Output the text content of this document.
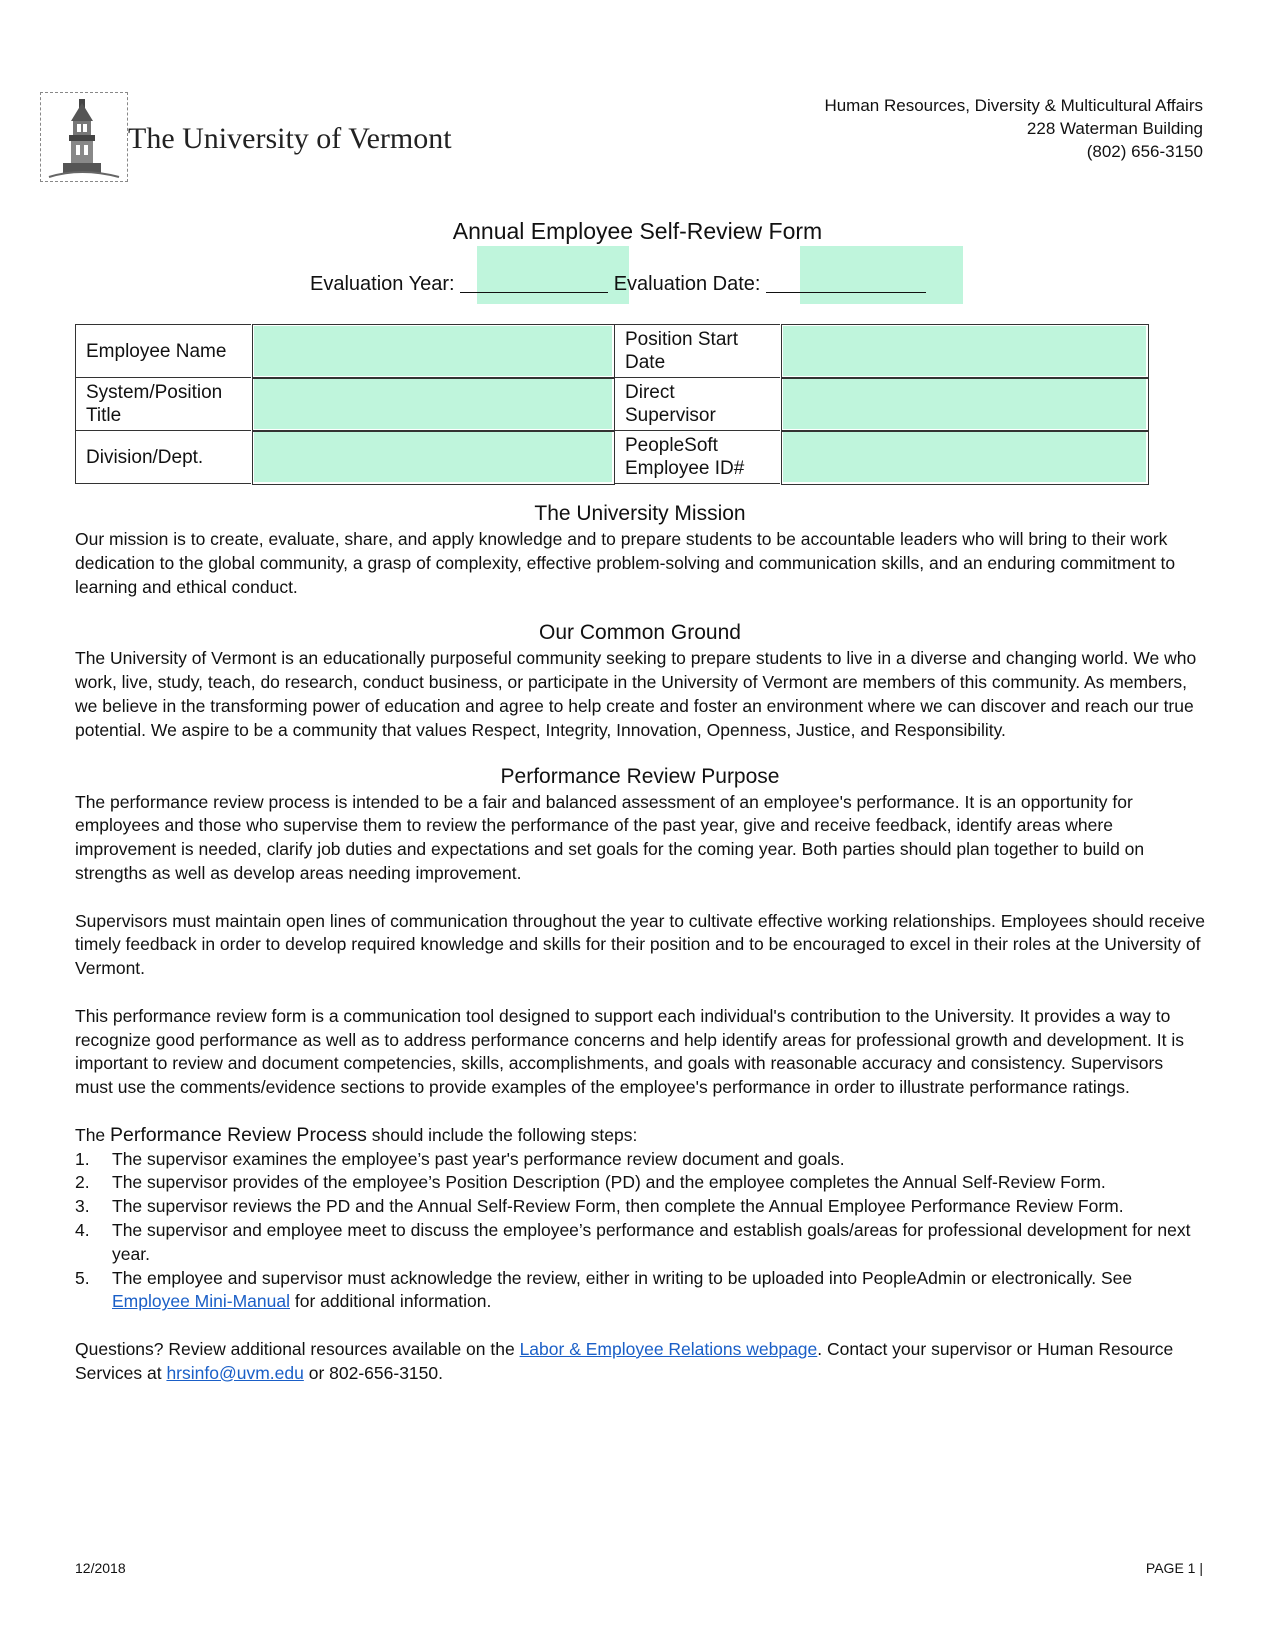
The University of Vermont
Human Resources, Diversity & Multicultural Affairs
228 Waterman Building
(802) 656-3150
Annual Employee Self-Review Form
Evaluation Year:	Evaluation Date:
Employee Name		Position Start Date	
System/Position Title		Direct Supervisor	
Division/Dept.		PeopleSoft Employee ID#	
The University Mission

Our mission is to create, evaluate, share, and apply knowledge and to prepare students to be accountable leaders who will bring to their work dedication to the global community, a grasp of complexity, effective problem-solving and communication skills, and an enduring commitment to learning and ethical conduct.

Our Common Ground

The University of Vermont is an educationally purposeful community seeking to prepare students to live in a diverse and changing world. We who work, live, study, teach, do research, conduct business, or participate in the University of Vermont are members of this community. As members, we believe in the transforming power of education and agree to help create and foster an environment where we can discover and reach our true potential. We aspire to be a community that values Respect, Integrity, Innovation, Openness, Justice, and Responsibility.

Performance Review Purpose

The performance review process is intended to be a fair and balanced assessment of an employee's performance. It is an opportunity for employees and those who supervise them to review the performance of the past year, give and receive feedback, identify areas where improvement is needed, clarify job duties and expectations and set goals for the coming year. Both parties should plan together to build on strengths as well as develop areas needing improvement.

Supervisors must maintain open lines of communication throughout the year to cultivate effective working relationships. Employees should receive timely feedback in order to develop required knowledge and skills for their position and to be encouraged to excel in their roles at the University of Vermont.

This performance review form is a communication tool designed to support each individual's contribution to the University. It provides a way to recognize good performance as well as to address performance concerns and help identify areas for professional growth and development. It is important to review and document competencies, skills, accomplishments, and goals with reasonable accuracy and consistency. Supervisors must use the comments/evidence sections to provide examples of the employee's performance in order to illustrate performance ratings.

The Performance Review Process should include the following steps:

1. The supervisor examines the employee’s past year's performance review document and goals.
2. The supervisor provides of the employee’s Position Description (PD) and the employee completes the Annual Self-Review Form.
3. The supervisor reviews the PD and the Annual Self-Review Form, then complete the Annual Employee Performance Review Form.
4. The supervisor and employee meet to discuss the employee’s performance and establish goals/areas for professional development for next year.
5. The employee and supervisor must acknowledge the review, either in writing to be uploaded into PeopleAdmin or electronically. See Employee Mini-Manual for additional information.

Questions? Review additional resources available on the Labor & Employee Relations webpage. Contact your supervisor or Human Resource Services at hrsinfo@uvm.edu or 802-656-3150.

12/2018	PAGE 1 |
